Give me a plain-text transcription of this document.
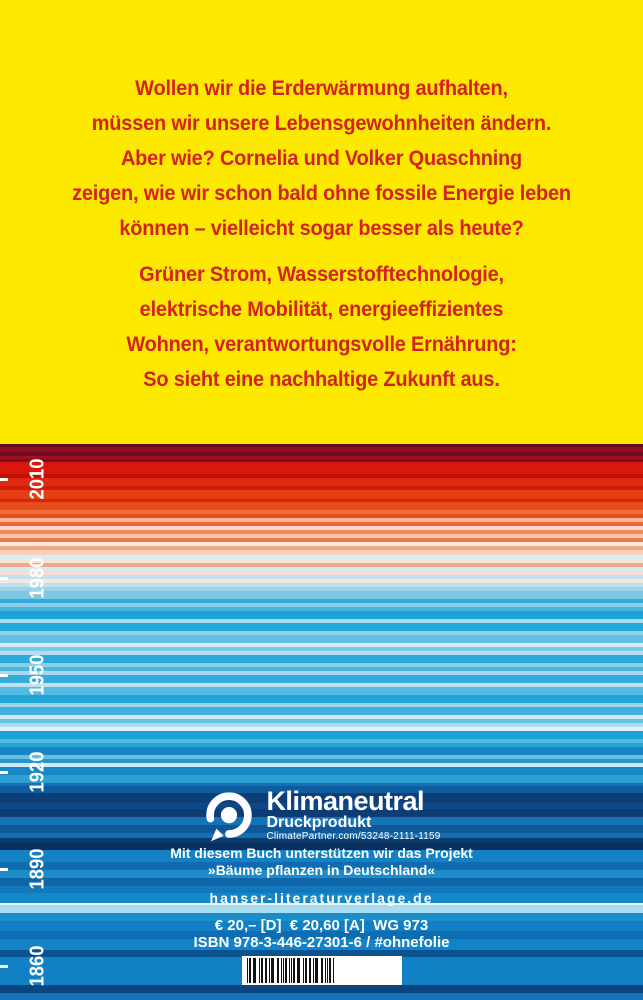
Wollen wir die Erderwärmung aufhalten,
müssen wir unsere Lebensgewohnheiten ändern.
Aber wie? Cornelia und Volker Quaschning
zeigen, wie wir schon bald ohne fossile Energie leben
können – vielleicht sogar besser als heute?
Grüner Strom, Wasserstofftechnologie,
elektrische Mobilität, energieeffizientes
Wohnen, verantwortungsvolle Ernährung:
So sieht eine nachhaltige Zukunft aus.
2010
1980
1950
1920
1890
1860
Klimaneutral
Druckprodukt
ClimatePartner.com/53248-2111-1159
Mit diesem Buch unterstützen wir das Projekt
»Bäume pflanzen in Deutschland«
hanser-literaturverlage.de
€ 20,– [D]  € 20,60 [A]  WG 973
ISBN 978-3-446-27301-6 / #ohnefolie
